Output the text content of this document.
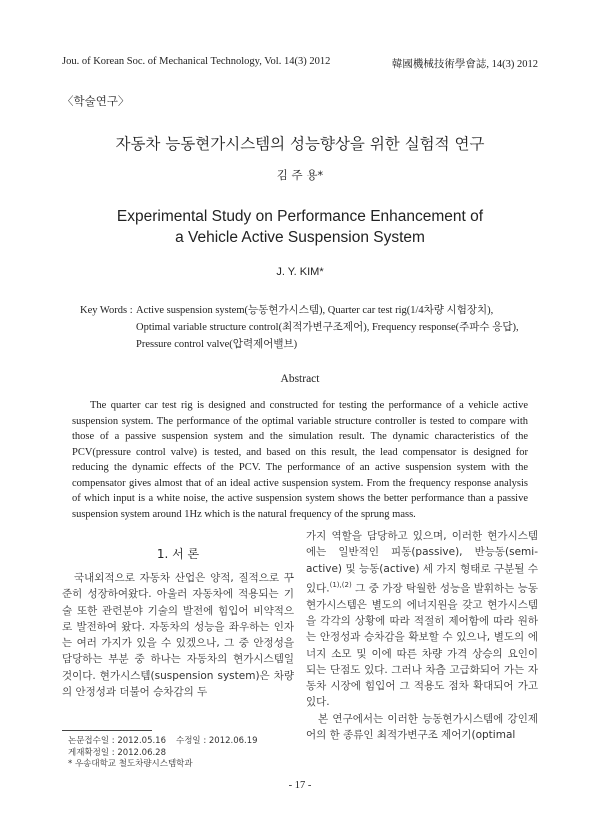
Jou. of Korean Soc. of Mechanical Technology, Vol. 14(3) 2012	韓國機械技術學會誌, 14(3) 2012
〈학술연구〉
자동차 능동현가시스템의 성능향상을 위한 실험적 연구
김 주 용*
Experimental Study on Performance Enhancement of
a Vehicle Active Suspension System
J. Y. KIM*
Key Words : Active suspension system(능동현가시스템), Quarter car test rig(1/4차량 시험장치),
Optimal variable structure control(최적가변구조제어), Frequency response(주파수 응답),
Pressure control valve(압력제어밸브)
Abstract
The quarter car test rig is designed and constructed for testing the performance of a vehicle active suspension system. The performance of the optimal variable structure controller is tested to compare with those of a passive suspension system and the simulation result. The dynamic characteristics of the PCV(pressure control valve) is tested, and based on this result, the lead compensator is designed for reducing the dynamic effects of the PCV. The performance of an active suspension system with the compensator gives almost that of an ideal active suspension system. From the frequency response analysis of which input is a white noise, the active suspension system shows the better performance than a passive suspension system around 1Hz which is the natural frequency of the sprung mass.
1. 서 론
국내외적으로 자동차 산업은 양적, 질적으로 꾸준히 성장하여왔다. 아울러 자동차에 적용되는 기술 또한 관련분야 기술의 발전에 힘입어 비약적으로 발전하여 왔다. 자동차의 성능을 좌우하는 인자는 여러 가지가 있을 수 있겠으나, 그 중 안정성을 담당하는 부분 중 하나는 자동차의 현가시스템일 것이다. 현가시스템(suspension system)은 차량의 안정성과 더불어 승차감의 두
가지 역할을 담당하고 있으며, 이러한 현가시스템에는 일반적인 피동(passive), 반능동(semi-active) 및 능동(active) 세 가지 형태로 구분될 수 있다.$^{(1),(2)}$ 그 중 가장 탁월한 성능을 발휘하는 능동현가시스템은 별도의 에너지원을 갖고 현가시스템을 각각의 상황에 따라 적절히 제어함에 따라 원하는 안정성과 승차감을 확보할 수 있으나, 별도의 에너지 소모 및 이에 따른 차량 가격 상승의 요인이 되는 단점도 있다. 그러나 차츰 고급화되어 가는 자동차 시장에 힘입어 그 적용도 점차 확대되어 가고 있다.
본 연구에서는 이러한 능동현가시스템에 강인제어의 한 종류인 최적가변구조 제어기(optimal
논문접수일 : 2012.05.16 수정일 : 2012.06.19
게재확정일 : 2012.06.28
* 우송대학교 철도차량시스템학과
- 17 -
